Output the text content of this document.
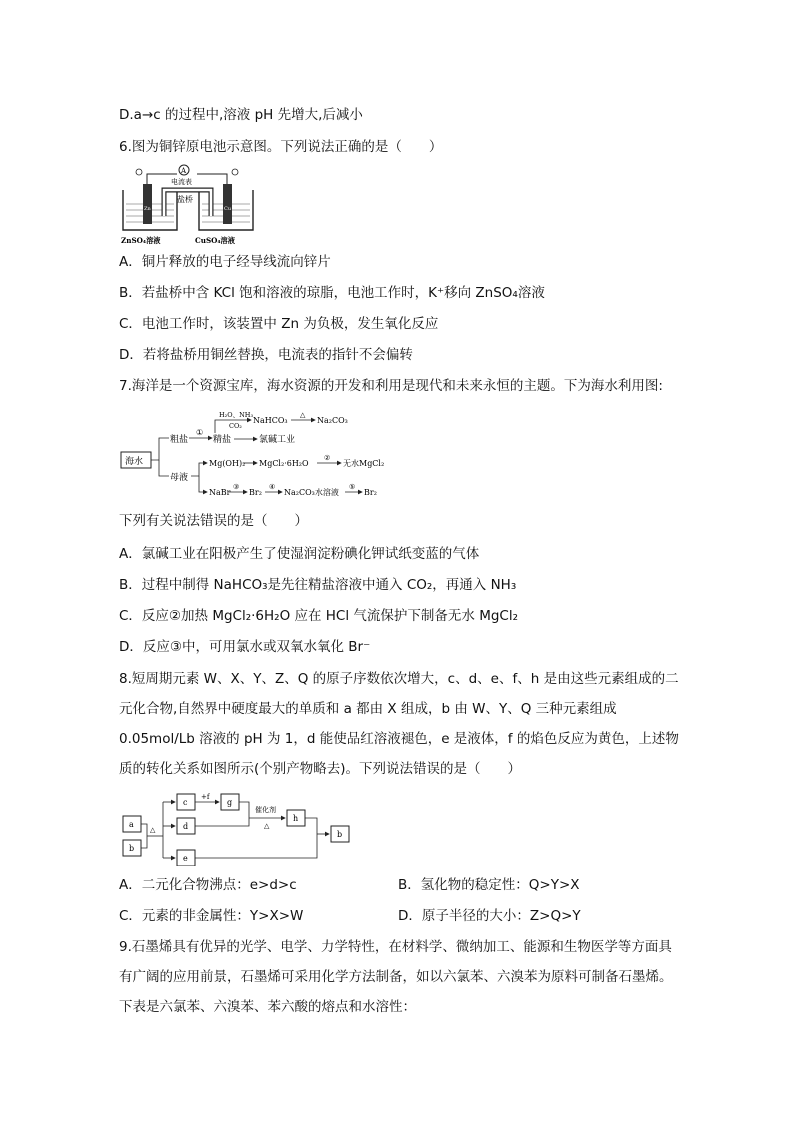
D.a→c 的过程中,溶液 pH 先增大,后减小
6.图为铜锌原电池示意图。下列说法正确的是（　　）
Zn	Cu
A
电流表
盐桥
ZnSO₄溶液	CuSO₄溶液
A．铜片释放的电子经导线流向锌片
B．若盐桥中含 KCl 饱和溶液的琼脂，电池工作时，K⁺移向 ZnSO₄溶液
C．电池工作时，该装置中 Zn 为负极，发生氧化反应
D．若将盐桥用铜丝替换，电流表的指针不会偏转
7.海洋是一个资源宝库，海水资源的开发和利用是现代和未来永恒的主题。下为海水利用图:
海水
粗盐
母液
①
精盐	氯碱工业
H₂O、NH₃
CO₂
NaHCO₃
△
Na₂CO₃
Mg(OH)₂ MgCl₂·6H₂O
②
无水MgCl₂
NaBr
③
Br₂
④
Na₂CO₃水溶液
⑤
Br₂
下列有关说法错误的是（　　）
A．氯碱工业在阳极产生了使湿润淀粉碘化钾试纸变蓝的气体
B．过程中制得 NaHCO₃是先往精盐溶液中通入 CO₂，再通入 NH₃
C．反应②加热 MgCl₂·6H₂O 应在 HCl 气流保护下制备无水 MgCl₂
D．反应③中，可用氯水或双氧水氧化 Br⁻
8.短周期元素 W、X、Y、Z、Q 的原子序数依次增大，c、d、e、f、h 是由这些元素组成的二元化合物,自然界中硬度最大的单质和 a 都由 X 组成，b 由 W、Y、Q 三种元素组成 0.05mol/Lb 溶液的 pH 为 1，d 能使品红溶液褪色，e 是液体，f 的焰色反应为黄色，上述物质的转化关系如图所示(个别产物略去)。下列说法错误的是（　　）
a
b
△
c
d
e
+f
g
催化剂
△
h
b
A．二元化合物沸点：e>d>c	B．氢化物的稳定性：Q>Y>X
C．元素的非金属性：Y>X>W	D．原子半径的大小：Z>Q>Y
9.石墨烯具有优异的光学、电学、力学特性，在材料学、微纳加工、能源和生物医学等方面具有广阔的应用前景，石墨烯可采用化学方法制备，如以六氯苯、六溴苯为原料可制备石墨烯。下表是六氯苯、六溴苯、苯六酸的熔点和水溶性：
